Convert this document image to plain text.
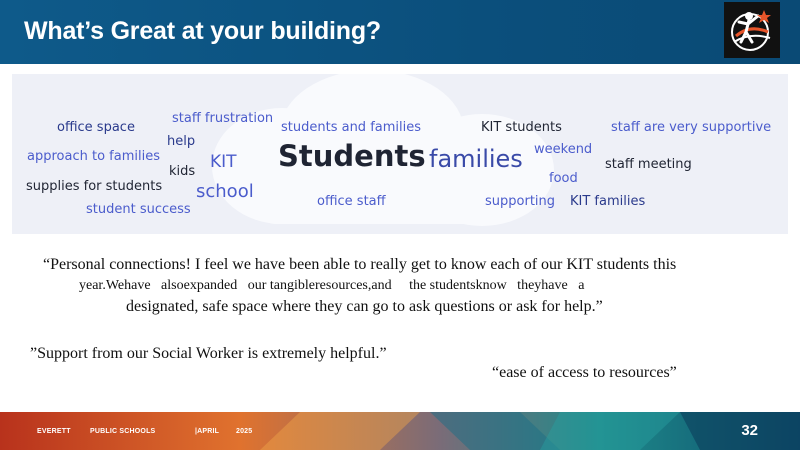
What’s Great at your building?
office space
staff frustration
help
students and families	KIT students	staff are very supportive
approach to families	KIT Students families weekend
staff meeting
kids
supplies for students school
food
student success
office staff	supporting KIT families
“Personal connections! I feel we have been able to really get to know each of our KIT students this
year.Wehave   alsoexpanded   our tangibleresources,and     the studentsknow   theyhave   a
designated, safe space where they can go to ask questions or ask for help.”
”Support from our Social Worker is extremely helpful.”
“ease of access to resources”
EVERETT	PUBLIC SCHOOLS	|APRIL 2025	32
